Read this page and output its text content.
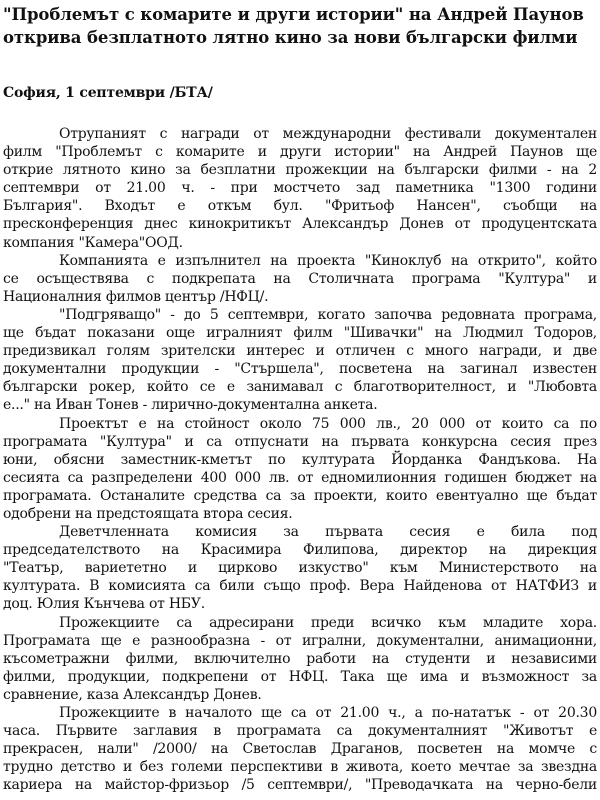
"Проблемът с комарите и други истории" на Андрей Паунов
открива безплатното лятно кино за нови български филми
София, 1 септември /БТА/
Отрупаният с награди от международни фестивали документален
филм "Проблемът с комарите и други истории" на Андрей Паунов ще
открие лятното кино за безплатни прожекции на български филми - на 2
септември от 21.00 ч. - при мостчето зад паметника "1300 години
България". Входът е откъм бул. "Фритьоф Нансен", съобщи на
пресконференция днес кинокритикът Александър Донев от продуцентската
компания "Камера"ООД.
Компанията е изпълнител на проекта "Киноклуб на открито", който
се осъществява с подкрепата на Столичната програма "Култура" и
Националния филмов център /НФЦ/.
"Подгряващо" - до 5 септември, когато започва редовната програма,
ще бъдат показани още игралният филм "Шивачки" на Людмил Тодоров,
предизвикал голям зрителски интерес и отличен с много награди, и две
документални продукции - "Стършела", посветена на загинал известен
български рокер, който се е занимавал с благотворителност, и "Любовта
е..." на Иван Тонев - лирично-документална анкета.
Проектът е на стойност около 75 000 лв., 20 000 от които са по
програмата "Култура" и са отпуснати на първата конкурсна сесия през
юни, обясни заместник-кметът по културата Йорданка Фандъкова. На
сесията са разпределени 400 000 лв. от едномилионния годишен бюджет на
програмата. Останалите средства са за проекти, които евентуално ще бъдат
одобрени на предстоящата втора сесия.
Деветчленната комисия за първата сесия е била под
председателството на Красимира Филипова, директор на дирекция
"Театър, вариететно и цирково изкуство" към Министерството на
културата. В комисията са били също проф. Вера Найденова от НАТФИЗ и
доц. Юлия Кънчева от НБУ.
Прожекциите са адресирани преди всичко към младите хора.
Програмата ще е разнообразна - от игрални, документални, анимационни,
късометражни филми, включително работи на студенти и независими
филми, продукции, подкрепени от НФЦ. Така ще има и възможност за
сравнение, каза Александър Донев.
Прожекциите в началото ще са от 21.00 ч., а по-нататък - от 20.30
часа. Първите заглавия в програмата са документалният "Животът е
прекрасен, нали" /2000/ на Светослав Драганов, посветен на момче с
трудно детство и без големи перспективи в живота, което мечтае за звездна
кариера на майстор-фризьор /5 септември/, "Преводачката на черно-бели
